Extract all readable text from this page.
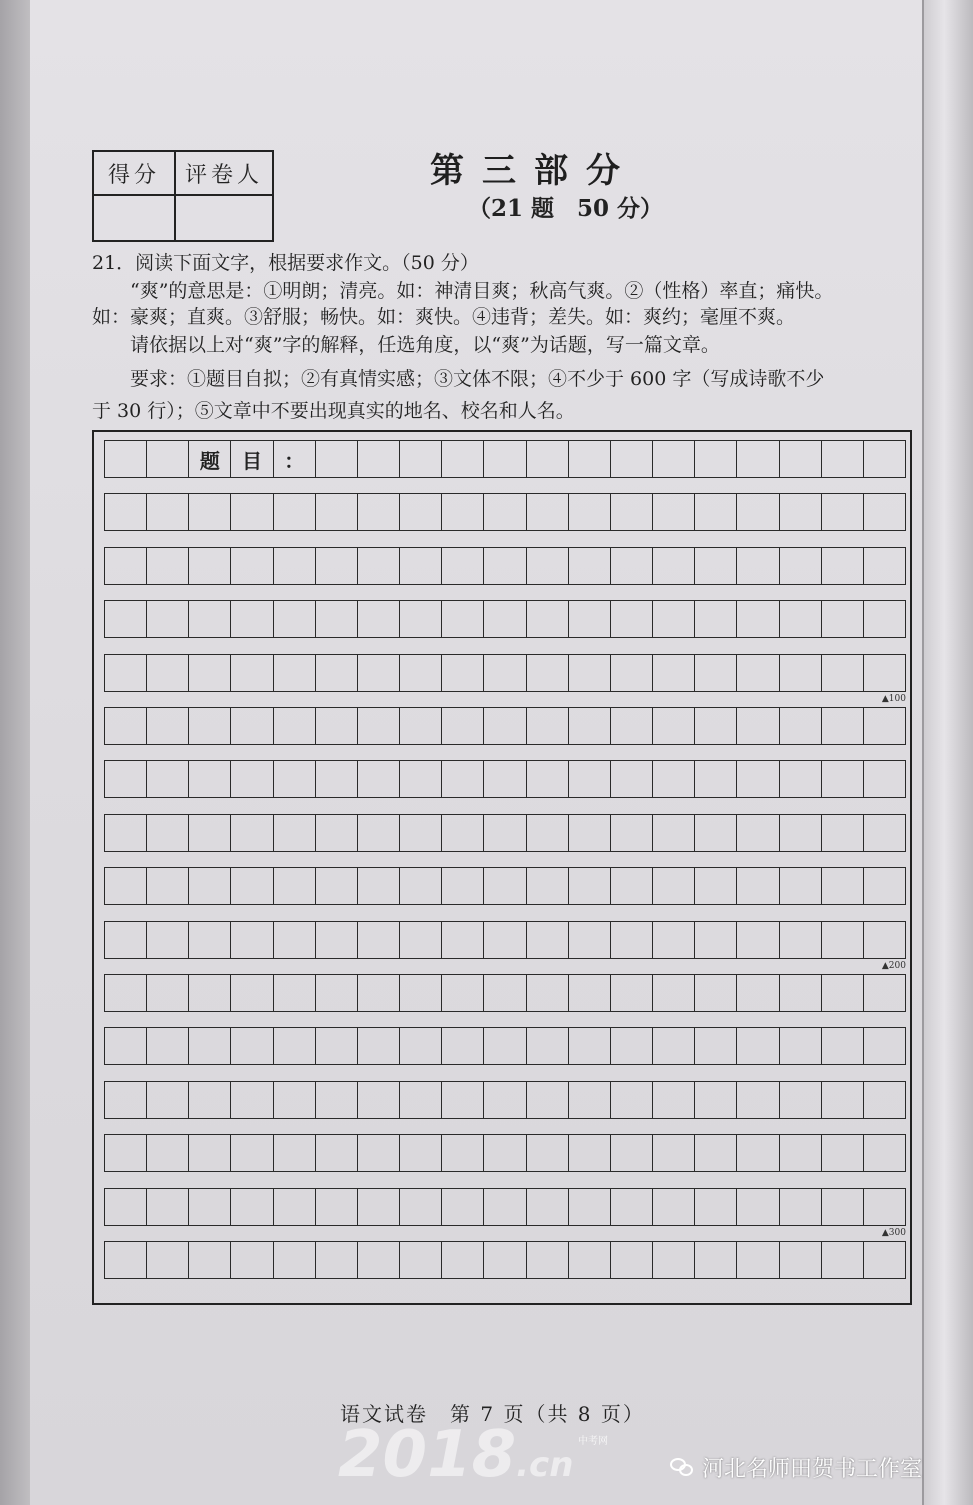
得分	评卷人	第三部分
（21 题　50 分）
21．阅读下面文字，根据要求作文。（50 分）
“爽”的意思是：①明朗；清亮。如：神清目爽；秋高气爽。②（性格）率直；痛快。
如：豪爽；直爽。③舒服；畅快。如：爽快。④违背；差失。如：爽约；毫厘不爽。
请依据以上对“爽”字的解释，任选角度，以“爽”为话题，写一篇文章。
要求：①题目自拟；②有真情实感；③文体不限；④不少于 600 字（写成诗歌不少
于 30 行）；⑤文章中不要出现真实的地名、校名和人名。
题	目	：
▲100
▲200
▲300
语文试卷　第 7 页（共 8 页）
2018.cn
中考网
河北名师田贺书工作室
